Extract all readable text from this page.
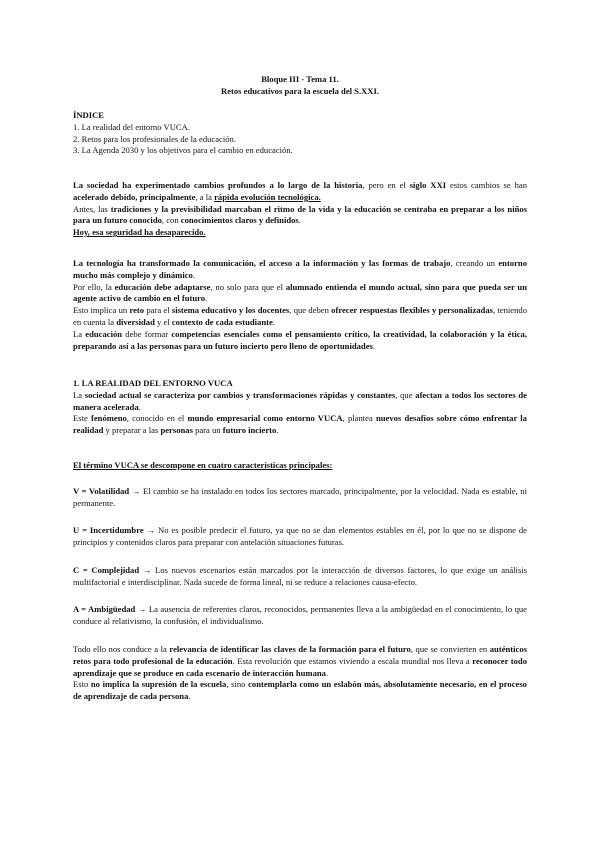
Bloque III - Tema 11.
Retos educativos para la escuela del S.XXI.

ÍNDICE

1. La realidad del entorno VUCA.

2. Retos para los profesionales de la educación.

3. La Agenda 2030 y los objetivos para el cambio en educación.

La sociedad ha experimentado cambios profundos a lo largo de la historia, pero en el siglo XXI estos cambios se han acelerado debido, principalmente, a la rápida evolución tecnológica.

Antes, las tradiciones y la previsibilidad marcaban el ritmo de la vida y la educación se centraba en preparar a los niños para un futuro conocido, con conocimientos claros y definidos.

Hoy, esa seguridad ha desaparecido.

La tecnología ha transformado la comunicación, el acceso a la información y las formas de trabajo, creando un entorno mucho más complejo y dinámico.

Por ello, la educación debe adaptarse, no solo para que el alumnado entienda el mundo actual, sino para que pueda ser un agente activo de cambio en el futuro.

Esto implica un reto para el sistema educativo y los docentes, que deben ofrecer respuestas flexibles y personalizadas, teniendo en cuenta la diversidad y el contexto de cada estudiante.

La educación debe formar competencias esenciales como el pensamiento crítico, la creatividad, la colaboración y la ética, preparando así a las personas para un futuro incierto pero lleno de oportunidades.

1. LA REALIDAD DEL ENTORNO VUCA

La sociedad actual se caracteriza por cambios y transformaciones rápidas y constantes, que afectan a todos los sectores de manera acelerada.

Este fenómeno, conocido en el mundo empresarial como entorno VUCA, plantea nuevos desafíos sobre cómo enfrentar la realidad y preparar a las personas para un futuro incierto.

El término VUCA se descompone en cuatro características principales:

V = Volatilidad → El cambio se ha instalado en todos los sectores marcado, principalmente, por la velocidad. Nada es estable, ni permanente.

U = Incertidumbre → No es posible predecir el futuro, ya que no se dan elementos estables en él, por lo que no se dispone de principios y contenidos claros para preparar con antelación situaciones futuras.

C = Complejidad → Los nuevos escenarios están marcados por la interacción de diversos factores, lo que exige un análisis multifactorial e interdisciplinar. Nada sucede de forma lineal, ni se reduce a relaciones causa-efecto.

A = Ambigüedad → La ausencia de referentes claros, reconocidos, permanentes lleva a la ambigüedad en el conocimiento, lo que conduce al relativismo, la confusión, el individualismo.

Todo ello nos conduce a la relevancia de identificar las claves de la formación para el futuro, que se convierten en auténticos retos para todo profesional de la educación. Esta revolución que estamos viviendo a escala mundial nos lleva a reconocer todo aprendizaje que se produce en cada escenario de interacción humana.

Esto no implica la supresión de la escuela, sino contemplarla como un eslabón más, absolutamente necesario, en el proceso de aprendizaje de cada persona.
